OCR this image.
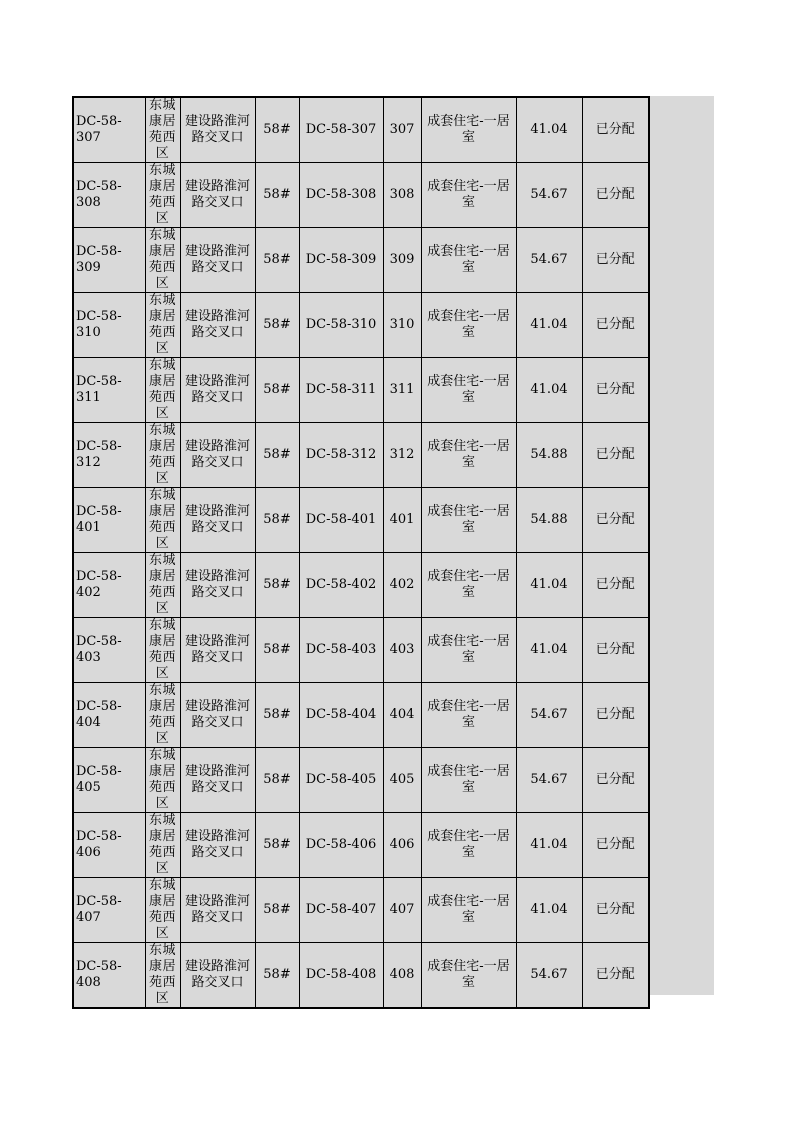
DC-58-307	东城康居苑西区	建设路淮河路交叉口	58#	DC-58-307	307	成套住宅-一居室	41.04	已分配
DC-58-308	东城康居苑西区	建设路淮河路交叉口	58#	DC-58-308	308	成套住宅-一居室	54.67	已分配
DC-58-309	东城康居苑西区	建设路淮河路交叉口	58#	DC-58-309	309	成套住宅-一居室	54.67	已分配
DC-58-310	东城康居苑西区	建设路淮河路交叉口	58#	DC-58-310	310	成套住宅-一居室	41.04	已分配
DC-58-311	东城康居苑西区	建设路淮河路交叉口	58#	DC-58-311	311	成套住宅-一居室	41.04	已分配
DC-58-312	东城康居苑西区	建设路淮河路交叉口	58#	DC-58-312	312	成套住宅-一居室	54.88	已分配
DC-58-401	东城康居苑西区	建设路淮河路交叉口	58#	DC-58-401	401	成套住宅-一居室	54.88	已分配
DC-58-402	东城康居苑西区	建设路淮河路交叉口	58#	DC-58-402	402	成套住宅-一居室	41.04	已分配
DC-58-403	东城康居苑西区	建设路淮河路交叉口	58#	DC-58-403	403	成套住宅-一居室	41.04	已分配
DC-58-404	东城康居苑西区	建设路淮河路交叉口	58#	DC-58-404	404	成套住宅-一居室	54.67	已分配
DC-58-405	东城康居苑西区	建设路淮河路交叉口	58#	DC-58-405	405	成套住宅-一居室	54.67	已分配
DC-58-406	东城康居苑西区	建设路淮河路交叉口	58#	DC-58-406	406	成套住宅-一居室	41.04	已分配
DC-58-407	东城康居苑西区	建设路淮河路交叉口	58#	DC-58-407	407	成套住宅-一居室	41.04	已分配
DC-58-408	东城康居苑西区	建设路淮河路交叉口	58#	DC-58-408	408	成套住宅-一居室	54.67	已分配
